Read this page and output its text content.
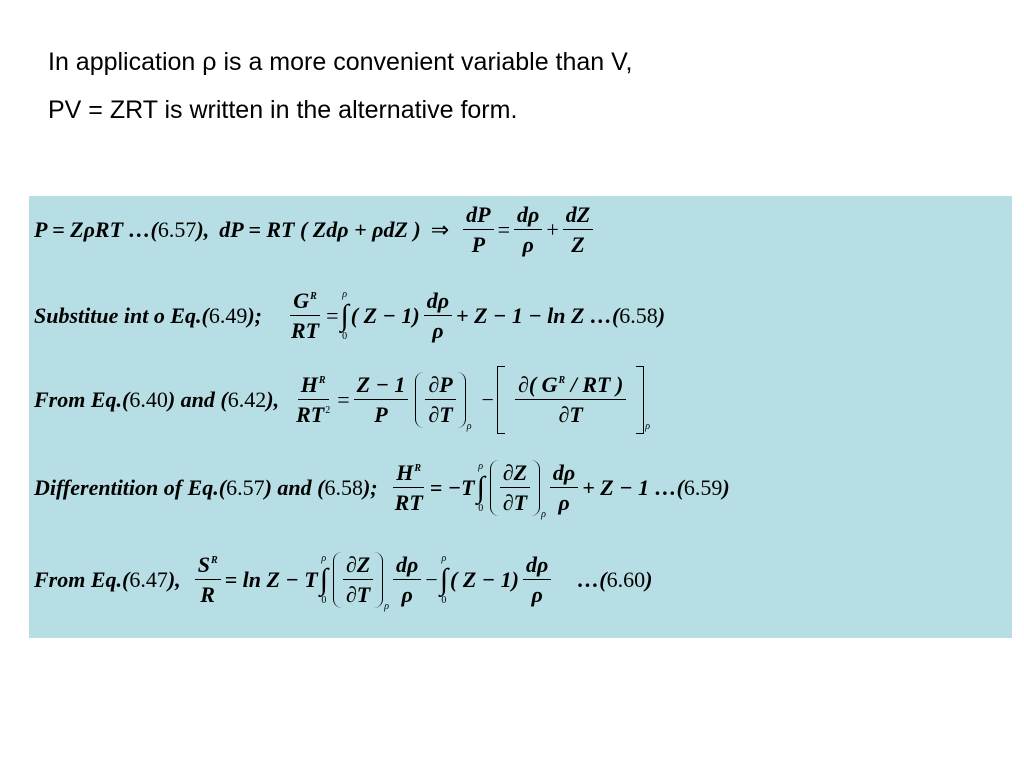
In application ρ is a more convenient variable than V,
PV = ZRT is written in the alternative form.
P = ZρRT …( 6.57 ), dP = RT ( Zdρ + ρdZ ) ⇒ $\frac{dP}{P} = \frac{d\rho}{\rho} + \frac{dZ}{Z}$
Substitue int o Eq.( 6.49 ); $\frac{G^R}{RT}$ =
ρ
∫
0
( $Z - 1) \frac{d\rho}{\rho} + Z - 1 - \ln Z$ …( 6.58 )
From Eq.( 6.40 ) and ( 6.42 ), $\frac{H^R}{RT^2} = \frac{Z - 1}{P} \frac{\partial P}{\partial T}$ ρ
− $\frac{\partial( G^R / RT )}{\partial T}$ ρ
Differentition of Eq.( 6.57 ) and ( 6.58 ); $\frac{H^R}{RT} = -T$
ρ
∫
$0 \frac{\partial Z}{\partial T}$ ρ $\frac{d\rho}{\rho} + Z - 1$ …( 6.59 )
From Eq.( 6.47 ), $\frac{S^R}{R} = \ln Z - T$
ρ
∫
$0 \frac{\partial Z}{\partial T}$ ρ $\frac{d\rho}{\rho}$ −
ρ
∫
0
( $Z - 1) \frac{d\rho}{\rho}$ …( 6.60 )
